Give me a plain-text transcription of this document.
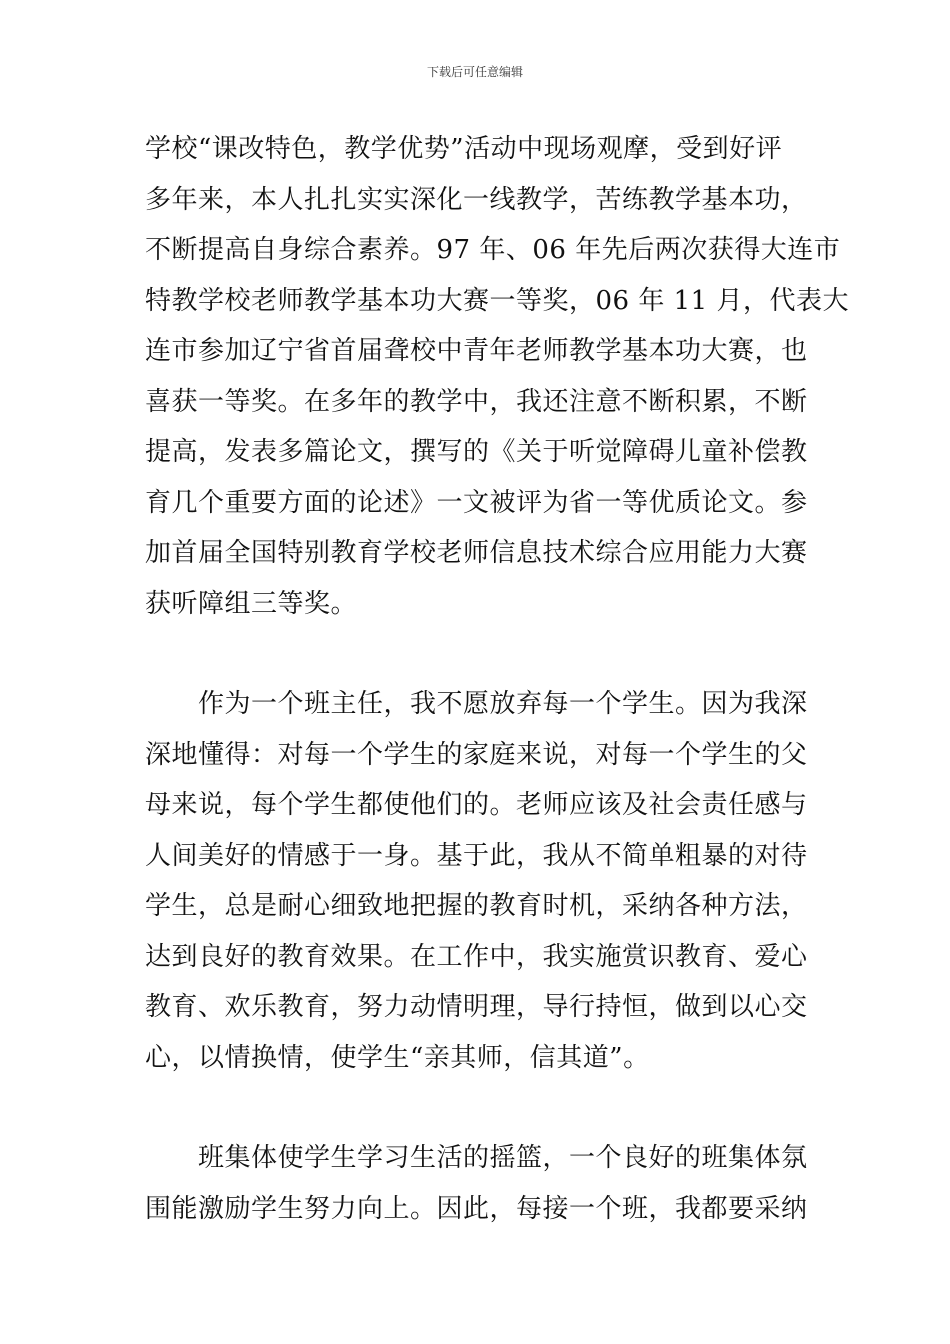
下载后可任意编辑
学校“课改特色，教学优势”活动中现场观摩，受到好评
多年来，本人扎扎实实深化一线教学，苦练教学基本功，
不断提高自身综合素养。97 年、06 年先后两次获得大连市
特教学校老师教学基本功大赛一等奖，06 年 11 月，代表大
连市参加辽宁省首届聋校中青年老师教学基本功大赛，也
喜获一等奖。在多年的教学中，我还注意不断积累，不断
提高，发表多篇论文，撰写的《关于听觉障碍儿童补偿教
育几个重要方面的论述》一文被评为省一等优质论文。参
加首届全国特别教育学校老师信息技术综合应用能力大赛
获听障组三等奖。
　　作为一个班主任，我不愿放弃每一个学生。因为我深
深地懂得：对每一个学生的家庭来说，对每一个学生的父
母来说，每个学生都使他们的。老师应该及社会责任感与
人间美好的情感于一身。基于此，我从不简单粗暴的对待
学生，总是耐心细致地把握的教育时机，采纳各种方法，
达到良好的教育效果。在工作中，我实施赏识教育、爱心
教育、欢乐教育，努力动情明理，导行持恒，做到以心交
心，以情换情，使学生“亲其师，信其道”。
　　班集体使学生学习生活的摇篮，一个良好的班集体氛
围能激励学生努力向上。因此，每接一个班，我都要采纳
